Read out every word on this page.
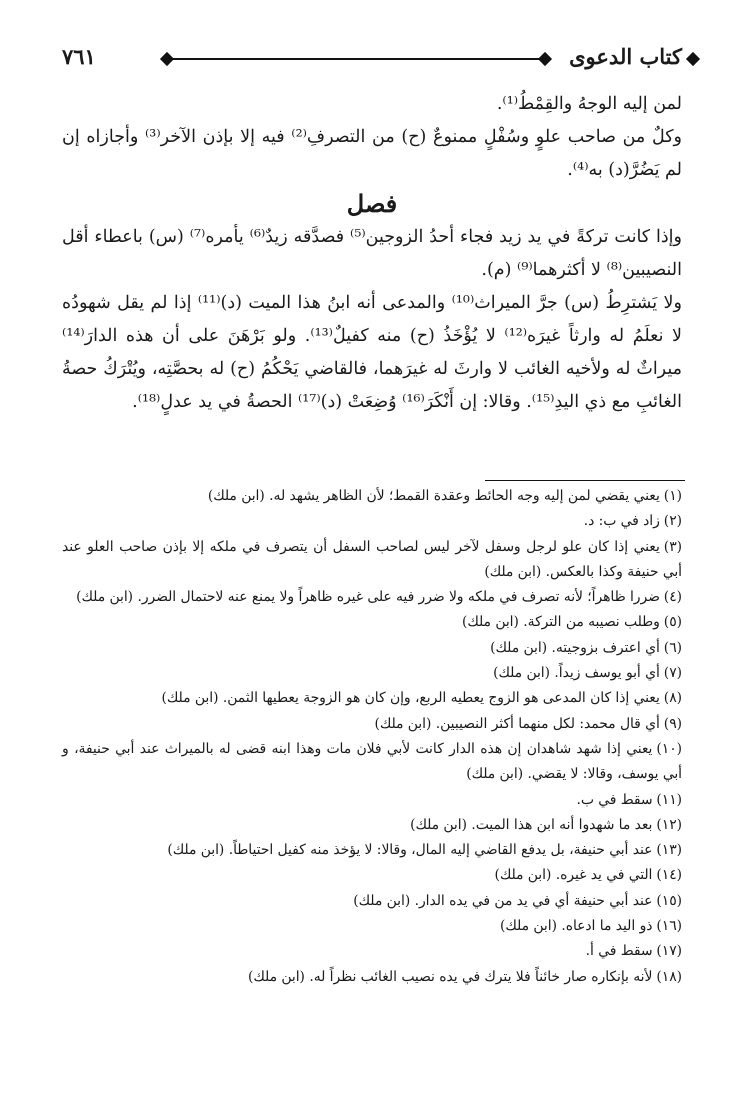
كتاب الدعوى
٧٦١

لمن إليه الوجهُ والقِمْطُ⁽¹⁾.

وكلٌ من صاحب علوٍ وسُفْلٍ ممنوعٌ (ح) من التصرفِ⁽²⁾ فيه إلا بإذن الآخر⁽³⁾ وأجازاه إن لم يَضُرَّ(د) به⁽⁴⁾.

فصل

وإذا كانت تركةً في يد زيد فجاء أحدُ الزوجين⁽⁵⁾ فصدَّقه زيدٌ⁽⁶⁾ يأمره⁽⁷⁾ (س) باعطاء أقل النصيبين⁽⁸⁾ لا أكثرهما⁽⁹⁾ (م).

ولا يَشترِطُ (س) جرَّ الميراث⁽¹⁰⁾ والمدعى أنه ابنُ هذا الميت (د)⁽¹¹⁾ إذا لم يقل شهودُه لا نعلَمُ له وارثاً غيرَه⁽¹²⁾ لا يُؤْخَذُ (ح) منه كفيلٌ⁽¹³⁾. ولو بَرْهَنَ على أن هذه الدارَ⁽¹⁴⁾ ميراثٌ له ولأخيه الغائب لا وارثَ له غيرَهما، فالقاضي يَحْكُمُ (ح) له بحصَّتِه، ويُتْرَكُ حصةُ الغائبِ مع ذي اليدِ⁽¹⁵⁾. وقالا: إن أَنْكَرَ⁽¹⁶⁾ وُضِعَتْ (د)⁽¹⁷⁾ الحصةُ في يد عدلٍ⁽¹⁸⁾.

(١)يعني يقضي لمن إليه وجه الحائط وعقدة القمط؛ لأن الظاهر يشهد له. (ابن ملك)

(٢)زاد في ب: د.

(٣)يعني إذا كان علو لرجل وسفل لآخر ليس لصاحب السفل أن يتصرف في ملكه إلا بإذن صاحب العلو عند أبي حنيفة وكذا بالعكس. (ابن ملك)

(٤)ضررا ظاهراً؛ لأنه تصرف في ملكه ولا ضرر فيه على غيره ظاهراً ولا يمنع عنه لاحتمال الضرر. (ابن ملك)

(٥)وطلب نصيبه من التركة. (ابن ملك)

(٦)أي اعترف بزوجيته. (ابن ملك)

(٧)أي أبو يوسف زيداً. (ابن ملك)

(٨)يعني إذا كان المدعى هو الزوج يعطيه الربع، وإن كان هو الزوجة يعطيها الثمن. (ابن ملك)

(٩)أي قال محمد: لكل منهما أكثر النصيبين. (ابن ملك)

(١٠)يعني إذا شهد شاهدان إن هذه الدار كانت لأبي فلان مات وهذا ابنه قضى له بالميراث عند أبي حنيفة، و أبي يوسف، وقالا: لا يقضي. (ابن ملك)

(١١)سقط في ب.

(١٢)بعد ما شهدوا أنه ابن هذا الميت. (ابن ملك)

(١٣)عند أبي حنيفة، بل يدفع القاضي إليه المال، وقالا: لا يؤخذ منه كفيل احتياطاً. (ابن ملك)

(١٤)التي في يد غيره. (ابن ملك)

(١٥)عند أبي حنيفة أي في يد من في يده الدار. (ابن ملك)

(١٦)ذو اليد ما ادعاه. (ابن ملك)

(١٧)سقط في أ.

(١٨)لأنه بإنكاره صار خائناً فلا يترك في يده نصيب الغائب نظراً له. (ابن ملك)
